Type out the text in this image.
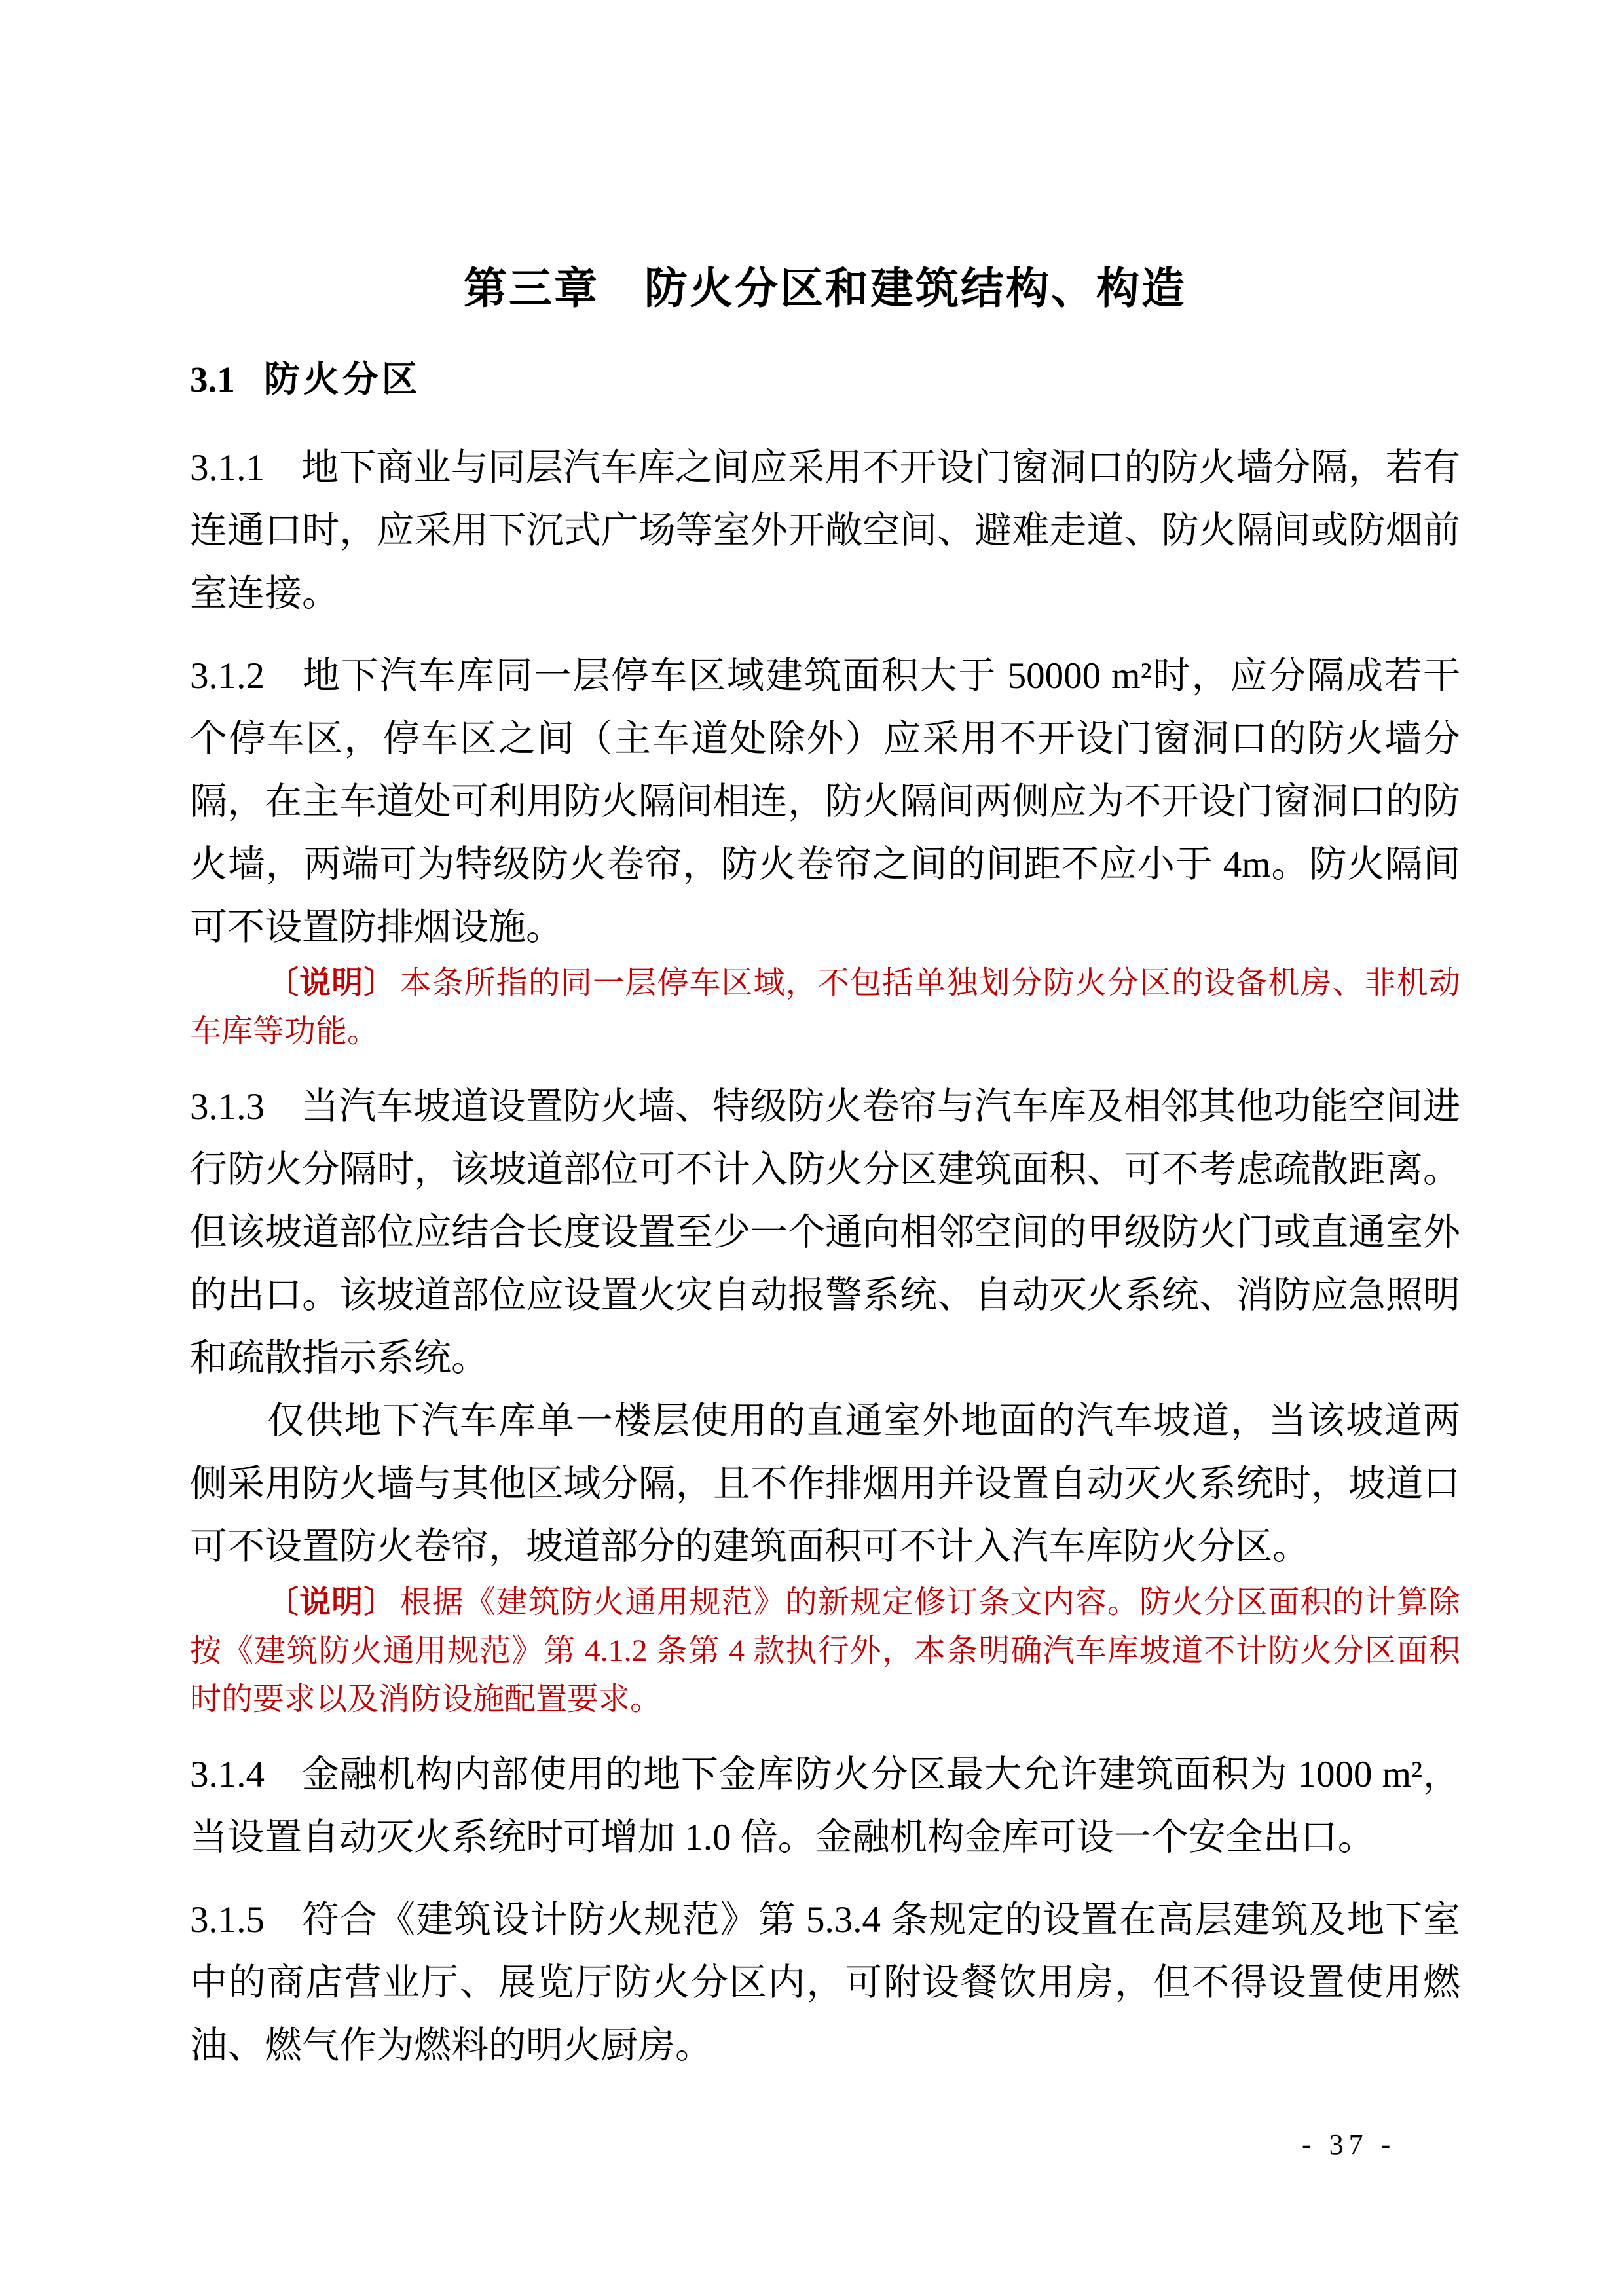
第三章　防火分区和建筑结构、构造
3.1 防火分区

3.1.1 地下商业与同层汽车库之间应采用不开设门窗洞口的防火墙分隔，若有连通口时，应采用下沉式广场等室外开敞空间、避难走道、防火隔间或防烟前室连接。

3.1.2 地下汽车库同一层停车区域建筑面积大于 50000 m²时，应分隔成若干个停车区，停车区之间（主车道处除外）应采用不开设门窗洞口的防火墙分隔，在主车道处可利用防火隔间相连，防火隔间两侧应为不开设门窗洞口的防火墙，两端可为特级防火卷帘，防火卷帘之间的间距不应小于 4m。防火隔间可不设置防排烟设施。

〔说明〕 本条所指的同一层停车区域，不包括单独划分防火分区的设备机房、非机动车库等功能。

3.1.3 当汽车坡道设置防火墙、特级防火卷帘与汽车库及相邻其他功能空间进行防火分隔时，该坡道部位可不计入防火分区建筑面积、可不考虑疏散距离。但该坡道部位应结合长度设置至少一个通向相邻空间的甲级防火门或直通室外的出口。该坡道部位应设置火灾自动报警系统、自动灭火系统、消防应急照明和疏散指示系统。

仅供地下汽车库单一楼层使用的直通室外地面的汽车坡道，当该坡道两侧采用防火墙与其他区域分隔，且不作排烟用并设置自动灭火系统时，坡道口可不设置防火卷帘，坡道部分的建筑面积可不计入汽车库防火分区。

〔说明〕 根据《建筑防火通用规范》的新规定修订条文内容。防火分区面积的计算除按《建筑防火通用规范》第 4.1.2 条第 4 款执行外，本条明确汽车库坡道不计防火分区面积时的要求以及消防设施配置要求。

3.1.4 金融机构内部使用的地下金库防火分区最大允许建筑面积为 1000 m²，当设置自动灭火系统时可增加 1.0 倍。金融机构金库可设一个安全出口。

3.1.5 符合《建筑设计防火规范》第 5.3.4 条规定的设置在高层建筑及地下室中的商店营业厅、展览厅防火分区内，可附设餐饮用房，但不得设置使用燃油、燃气作为燃料的明火厨房。

- 37 -
